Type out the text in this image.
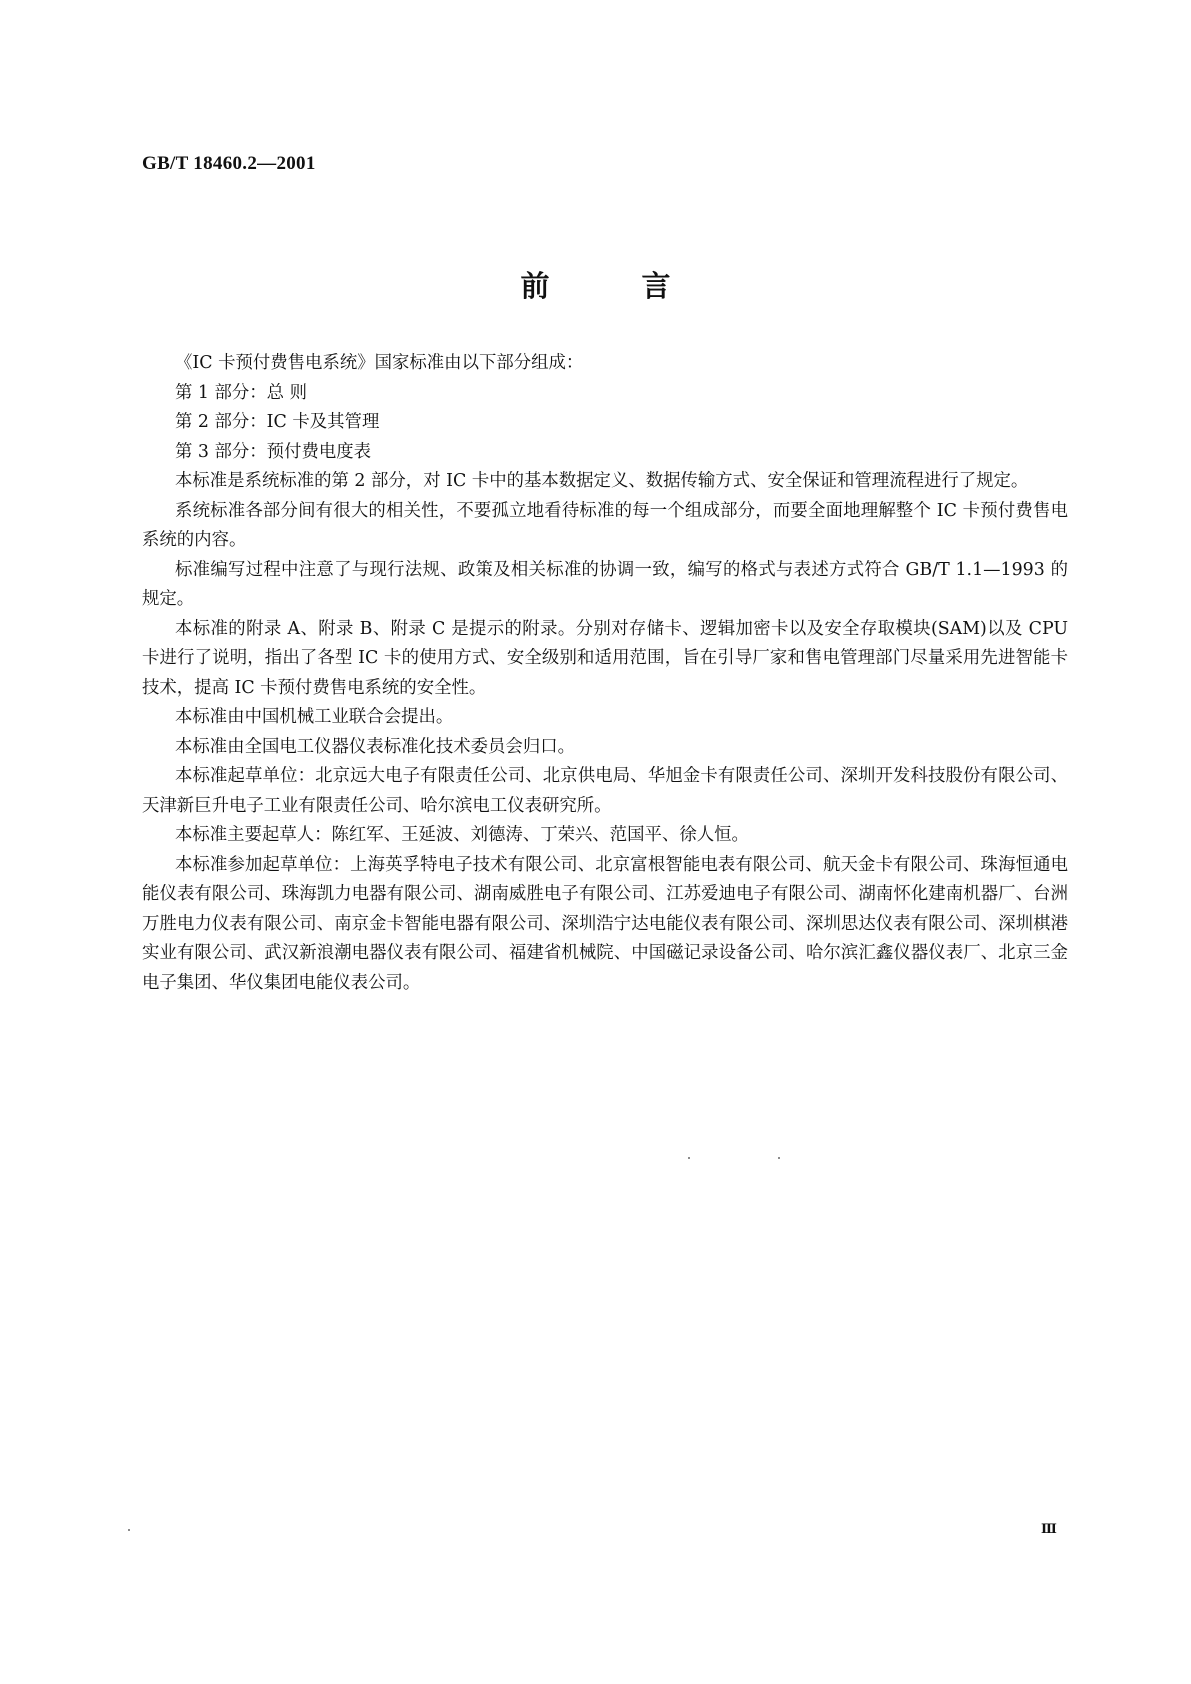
GB/T 18460.2—2001
前言

《IC 卡预付费售电系统》国家标准由以下部分组成：

第 1 部分：总 则

第 2 部分：IC 卡及其管理

第 3 部分：预付费电度表

本标准是系统标准的第 2 部分，对 IC 卡中的基本数据定义、数据传输方式、安全保证和管理流程进行了规定。

系统标准各部分间有很大的相关性，不要孤立地看待标准的每一个组成部分，而要全面地理解整个 IC 卡预付费售电系统的内容。

标准编写过程中注意了与现行法规、政策及相关标准的协调一致，编写的格式与表述方式符合 GB/T 1.1—1993 的规定。

本标准的附录 A、附录 B、附录 C 是提示的附录。分别对存储卡、逻辑加密卡以及安全存取模块(SAM)以及 CPU 卡进行了说明，指出了各型 IC 卡的使用方式、安全级别和适用范围，旨在引导厂家和售电管理部门尽量采用先进智能卡技术，提高 IC 卡预付费售电系统的安全性。

本标准由中国机械工业联合会提出。

本标准由全国电工仪器仪表标准化技术委员会归口。

本标准起草单位：北京远大电子有限责任公司、北京供电局、华旭金卡有限责任公司、深圳开发科技股份有限公司、天津新巨升电子工业有限责任公司、哈尔滨电工仪表研究所。

本标准主要起草人：陈红军、王延波、刘德涛、丁荣兴、范国平、徐人恒。

本标准参加起草单位：上海英孚特电子技术有限公司、北京富根智能电表有限公司、航天金卡有限公司、珠海恒通电能仪表有限公司、珠海凯力电器有限公司、湖南威胜电子有限公司、江苏爱迪电子有限公司、湖南怀化建南机器厂、台洲万胜电力仪表有限公司、南京金卡智能电器有限公司、深圳浩宁达电能仪表有限公司、深圳思达仪表有限公司、深圳棋港实业有限公司、武汉新浪潮电器仪表有限公司、福建省机械院、中国磁记录设备公司、哈尔滨汇鑫仪器仪表厂、北京三金电子集团、华仪集团电能仪表公司。

Ⅲ
